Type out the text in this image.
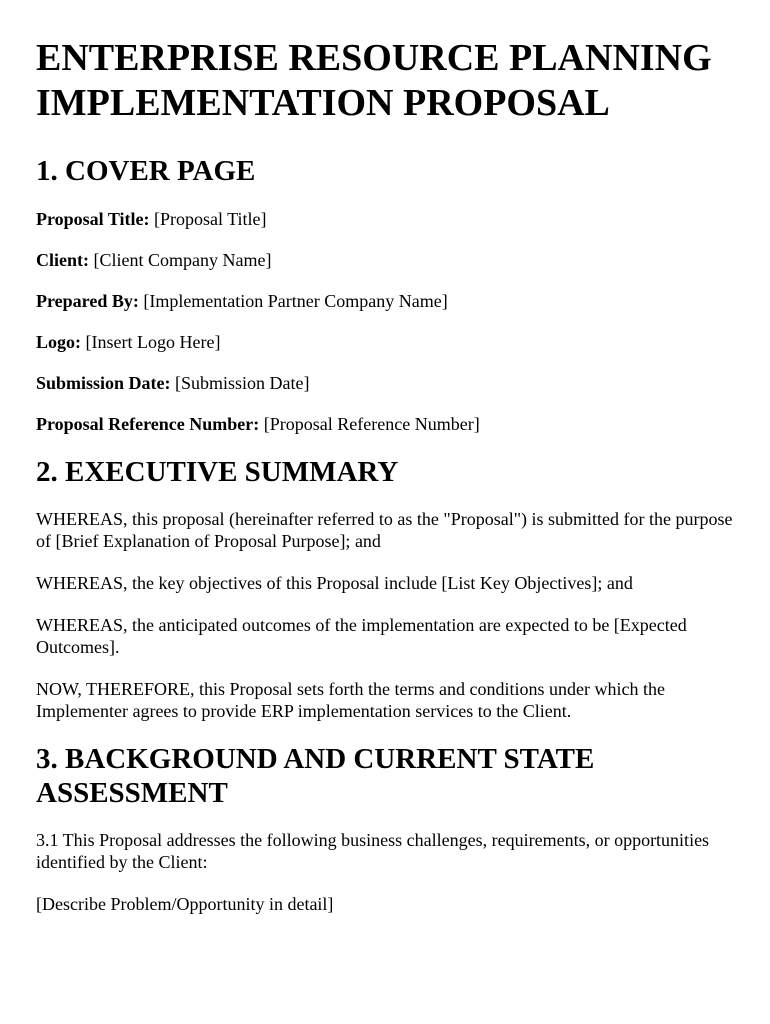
ENTERPRISE RESOURCE PLANNING IMPLEMENTATION PROPOSAL
1. COVER PAGE

Proposal Title: [Proposal Title]

Client: [Client Company Name]

Prepared By: [Implementation Partner Company Name]

Logo: [Insert Logo Here]

Submission Date: [Submission Date]

Proposal Reference Number: [Proposal Reference Number]

2. EXECUTIVE SUMMARY

WHEREAS, this proposal (hereinafter referred to as the "Proposal") is submitted for the purpose of [Brief Explanation of Proposal Purpose]; and

WHEREAS, the key objectives of this Proposal include [List Key Objectives]; and

WHEREAS, the anticipated outcomes of the implementation are expected to be [Expected Outcomes].

NOW, THEREFORE, this Proposal sets forth the terms and conditions under which the Implementer agrees to provide ERP implementation services to the Client.

3. BACKGROUND AND CURRENT STATE ASSESSMENT

3.1 This Proposal addresses the following business challenges, requirements, or opportunities identified by the Client:

[Describe Problem/Opportunity in detail]
